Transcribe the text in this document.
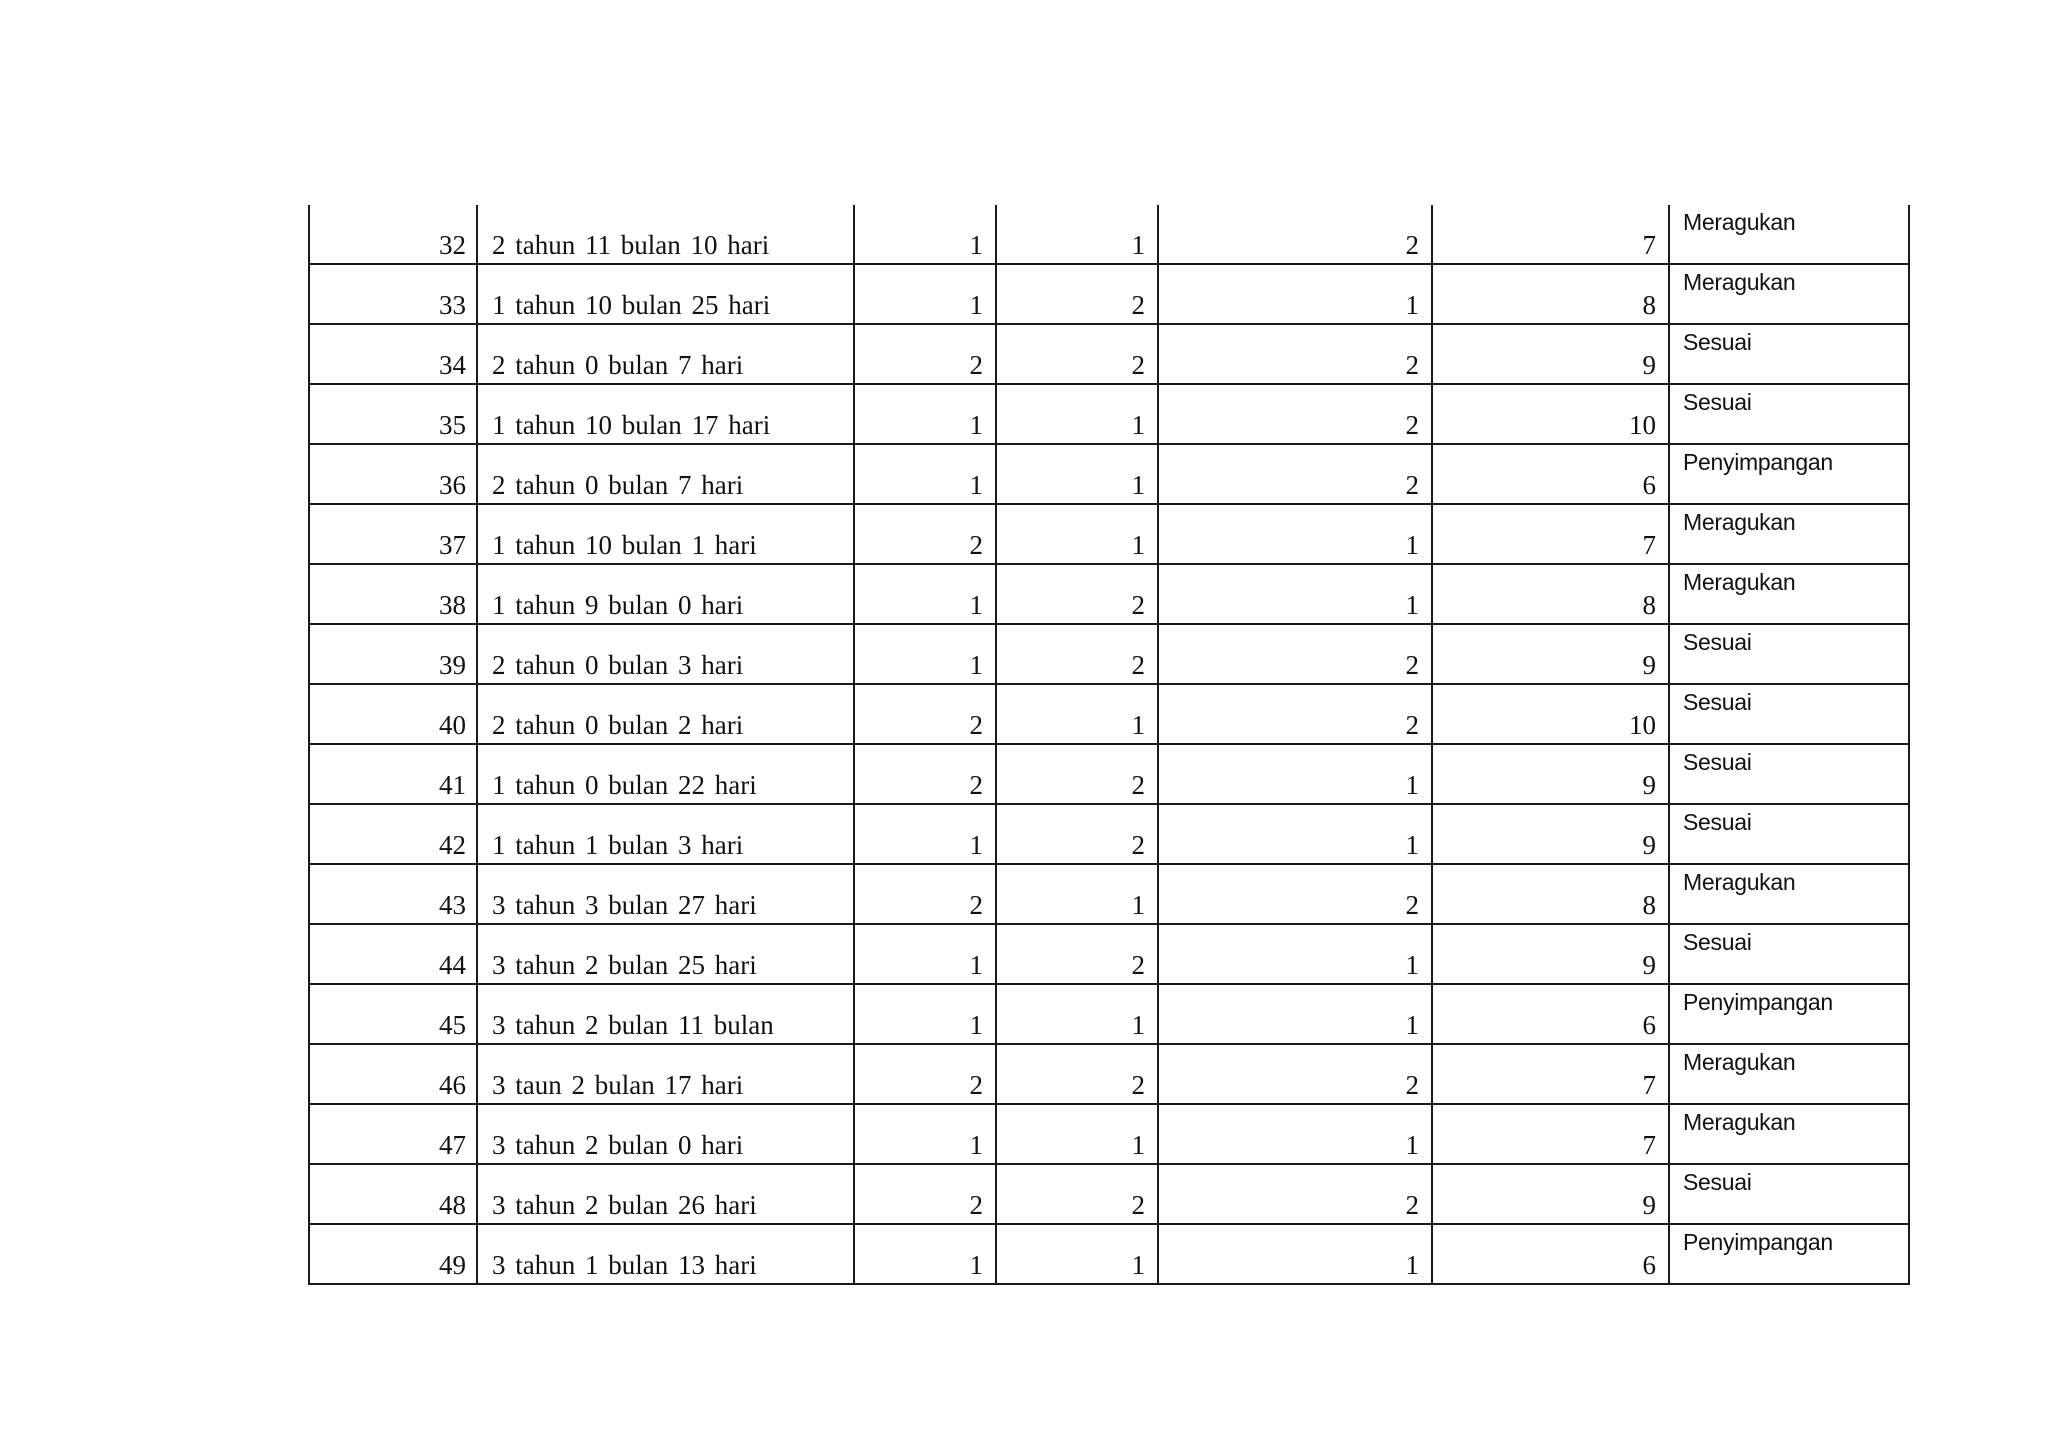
32	2 tahun 11 bulan 10 hari	1	1	2	7	Meragukan
33	1 tahun 10 bulan 25 hari	1	2	1	8	Meragukan
34	2 tahun 0 bulan 7 hari	2	2	2	9	Sesuai
35	1 tahun 10 bulan 17 hari	1	1	2	10	Sesuai
36	2 tahun 0 bulan 7 hari	1	1	2	6	Penyimpangan
37	1 tahun 10 bulan 1 hari	2	1	1	7	Meragukan
38	1 tahun 9 bulan 0 hari	1	2	1	8	Meragukan
39	2 tahun 0 bulan 3 hari	1	2	2	9	Sesuai
40	2 tahun 0 bulan 2 hari	2	1	2	10	Sesuai
41	1 tahun 0 bulan 22 hari	2	2	1	9	Sesuai
42	1 tahun 1 bulan 3 hari	1	2	1	9	Sesuai
43	3 tahun 3 bulan 27 hari	2	1	2	8	Meragukan
44	3 tahun 2 bulan 25 hari	1	2	1	9	Sesuai
45	3 tahun 2 bulan 11 bulan	1	1	1	6	Penyimpangan
46	3 taun 2 bulan 17 hari	2	2	2	7	Meragukan
47	3 tahun 2 bulan 0 hari	1	1	1	7	Meragukan
48	3 tahun 2 bulan 26 hari	2	2	2	9	Sesuai
49	3 tahun 1 bulan 13 hari	1	1	1	6	Penyimpangan
